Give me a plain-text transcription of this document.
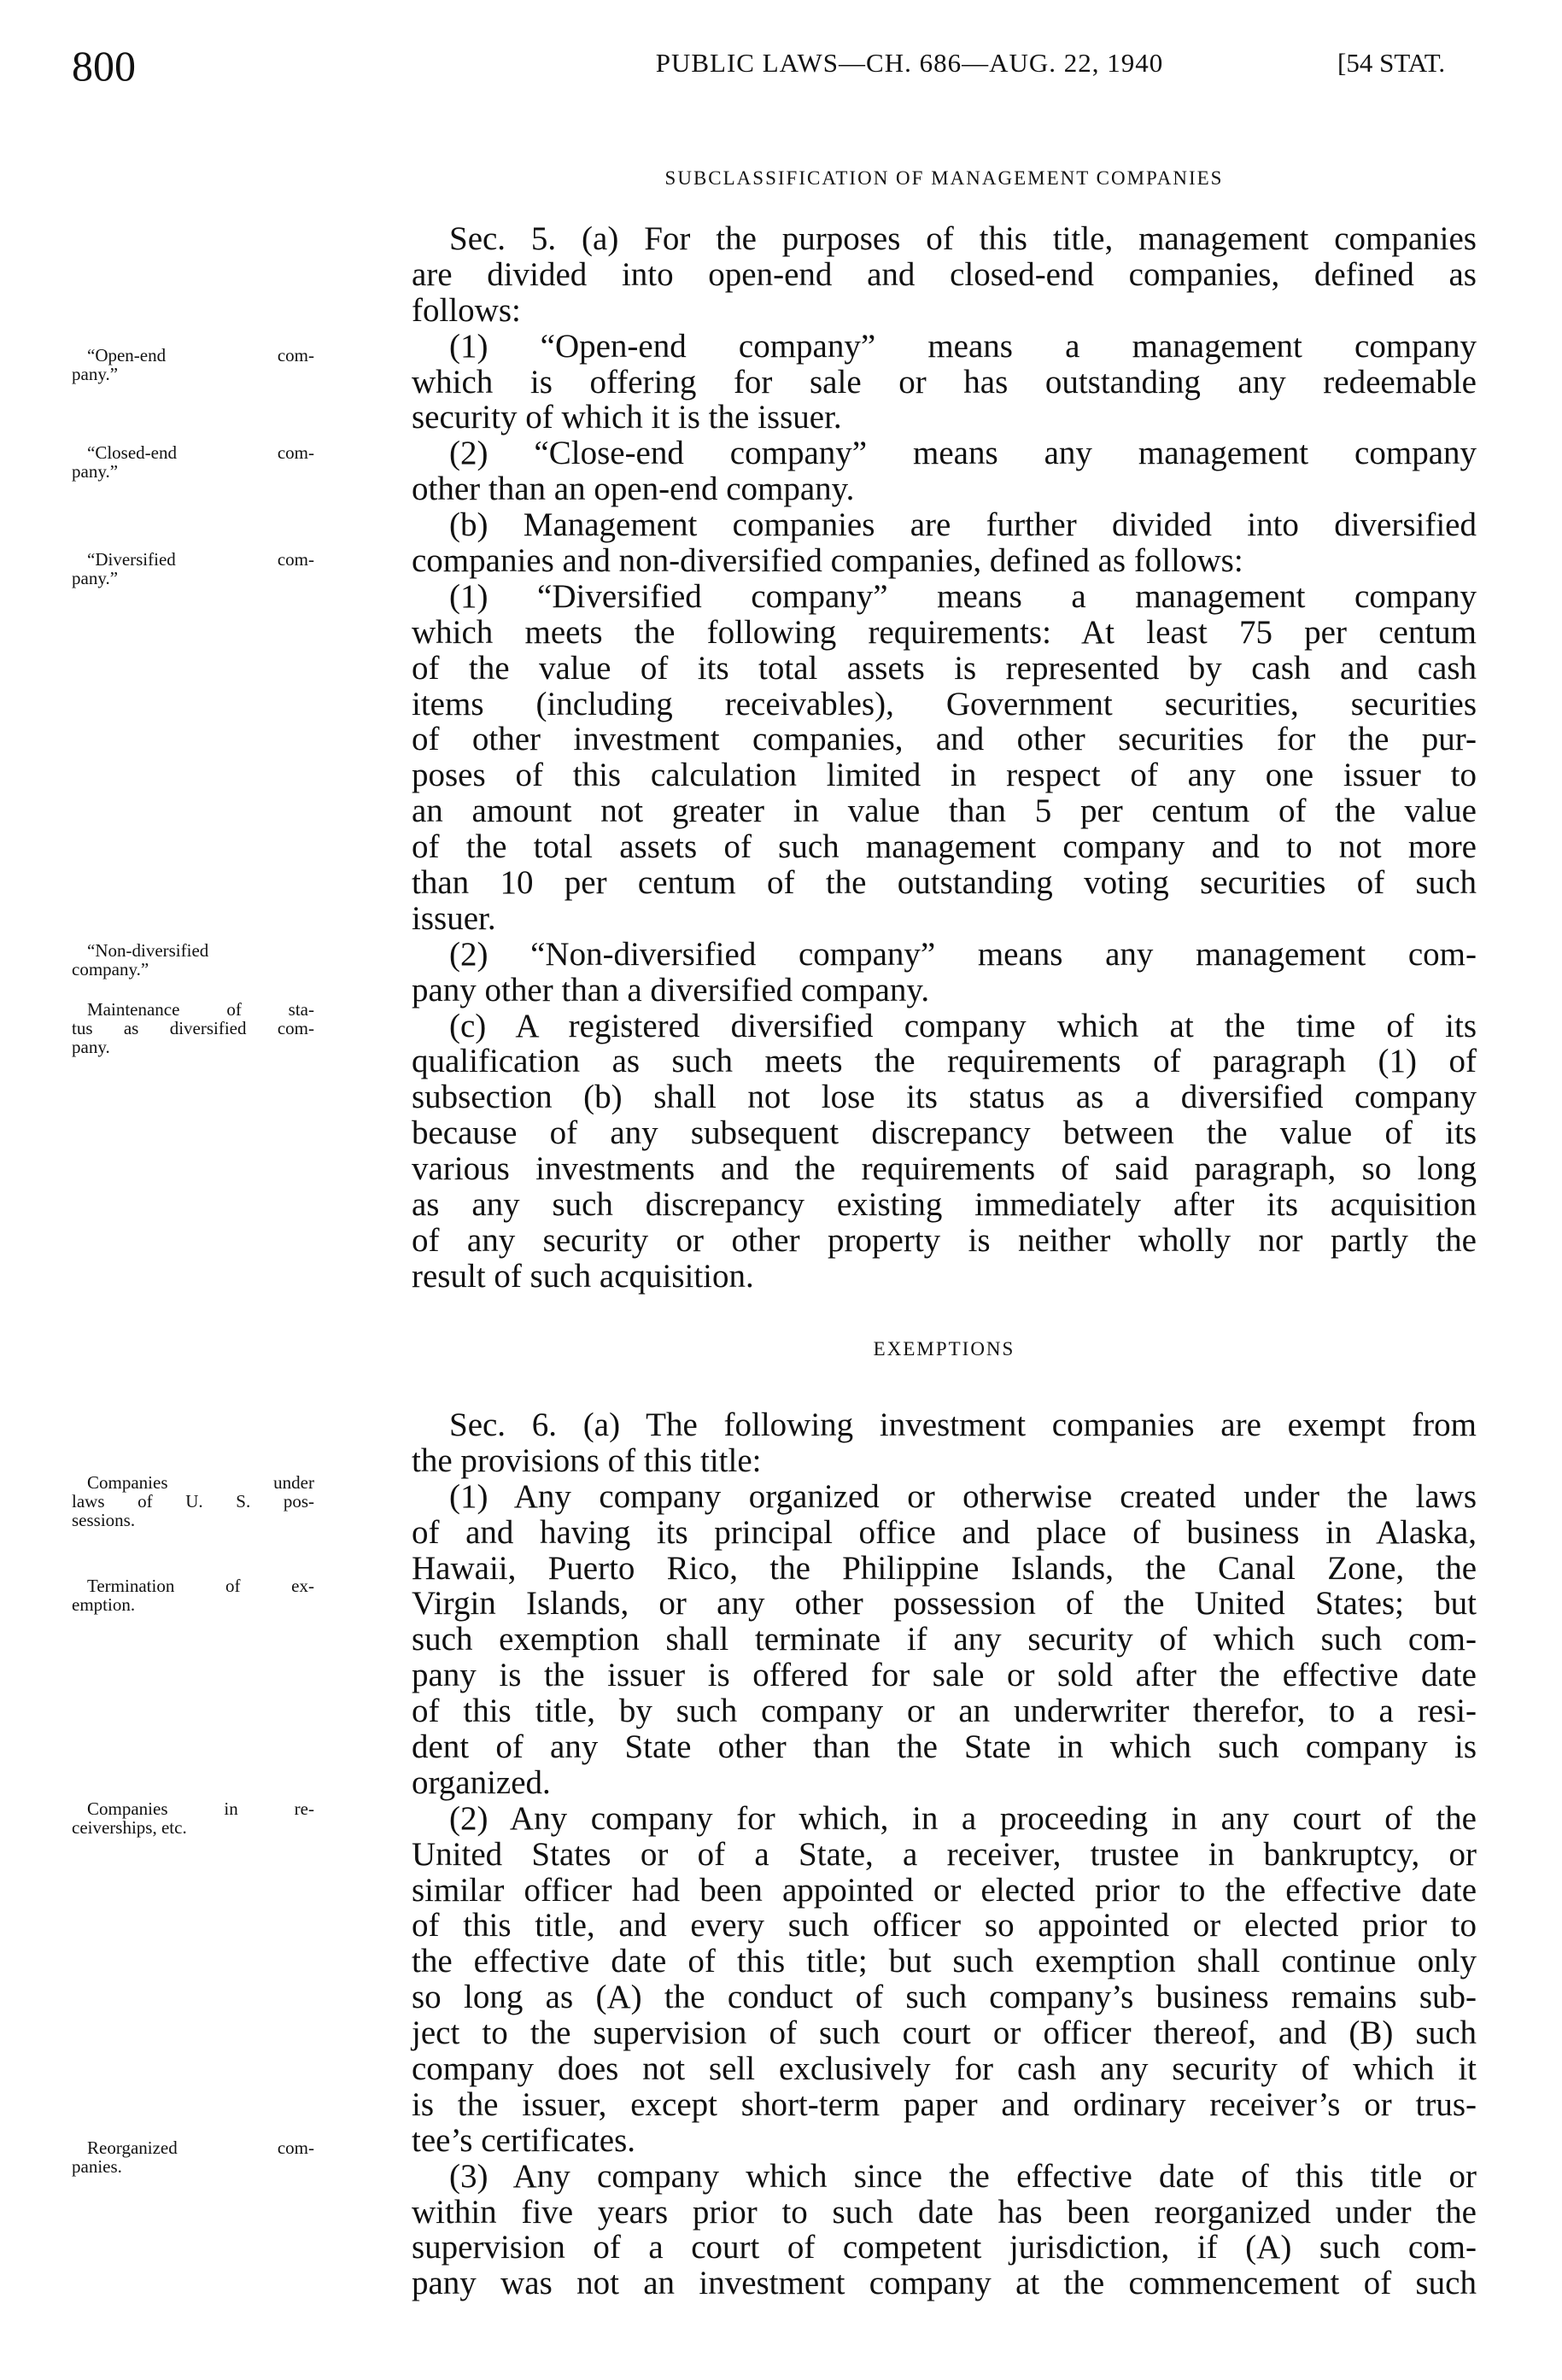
800	PUBLIC LAWS—CH. 686—AUG. 22, 1940	[54 STAT.
SUBCLASSIFICATION OF MANAGEMENT COMPANIES
Sec. 5. (a) For the purposes of this title, management companies
are divided into open-end and closed-end companies, defined as
follows:
(1) “Open-end company” means a management company
which is offering for sale or has outstanding any redeemable
security of which it is the issuer.
(2) “Close-end company” means any management company
other than an open-end company.
(b) Management companies are further divided into diversified
companies and non-diversified companies, defined as follows:
(1) “Diversified company” means a management company
which meets the following requirements: At least 75 per centum
of the value of its total assets is represented by cash and cash
items (including receivables), Government securities, securities
of other investment companies, and other securities for the pur-
poses of this calculation limited in respect of any one issuer to
an amount not greater in value than 5 per centum of the value
of the total assets of such management company and to not more
than 10 per centum of the outstanding voting securities of such
issuer.
(2) “Non-diversified company” means any management com-
pany other than a diversified company.
(c) A registered diversified company which at the time of its
qualification as such meets the requirements of paragraph (1) of
subsection (b) shall not lose its status as a diversified company
because of any subsequent discrepancy between the value of its
various investments and the requirements of said paragraph, so long
as any such discrepancy existing immediately after its acquisition
of any security or other property is neither wholly nor partly the
result of such acquisition.
EXEMPTIONS
Sec. 6. (a) The following investment companies are exempt from
the provisions of this title:
(1) Any company organized or otherwise created under the laws
of and having its principal office and place of business in Alaska,
Hawaii, Puerto Rico, the Philippine Islands, the Canal Zone, the
Virgin Islands, or any other possession of the United States; but
such exemption shall terminate if any security of which such com-
pany is the issuer is offered for sale or sold after the effective date
of this title, by such company or an underwriter therefor, to a resi-
dent of any State other than the State in which such company is
organized.
(2) Any company for which, in a proceeding in any court of the
United States or of a State, a receiver, trustee in bankruptcy, or
similar officer had been appointed or elected prior to the effective date
of this title, and every such officer so appointed or elected prior to
the effective date of this title; but such exemption shall continue only
so long as (A) the conduct of such company’s business remains sub-
ject to the supervision of such court or officer thereof, and (B) such
company does not sell exclusively for cash any security of which it
is the issuer, except short-term paper and ordinary receiver’s or trus-
tee’s certificates.
(3) Any company which since the effective date of this title or
within five years prior to such date has been reorganized under the
supervision of a court of competent jurisdiction, if (A) such com-
pany was not an investment company at the commencement of such
“Open-end com-
pany.”
“Closed-end com-
pany.”
“Diversified com-
pany.”
“Non-diversified
company.”
Maintenance of sta-
tus as diversified com-
pany.
Companies under
laws of U. S. pos-
sessions.
Termination of ex-
emption.
Companies in re-
ceiverships, etc.
Reorganized com-
panies.
